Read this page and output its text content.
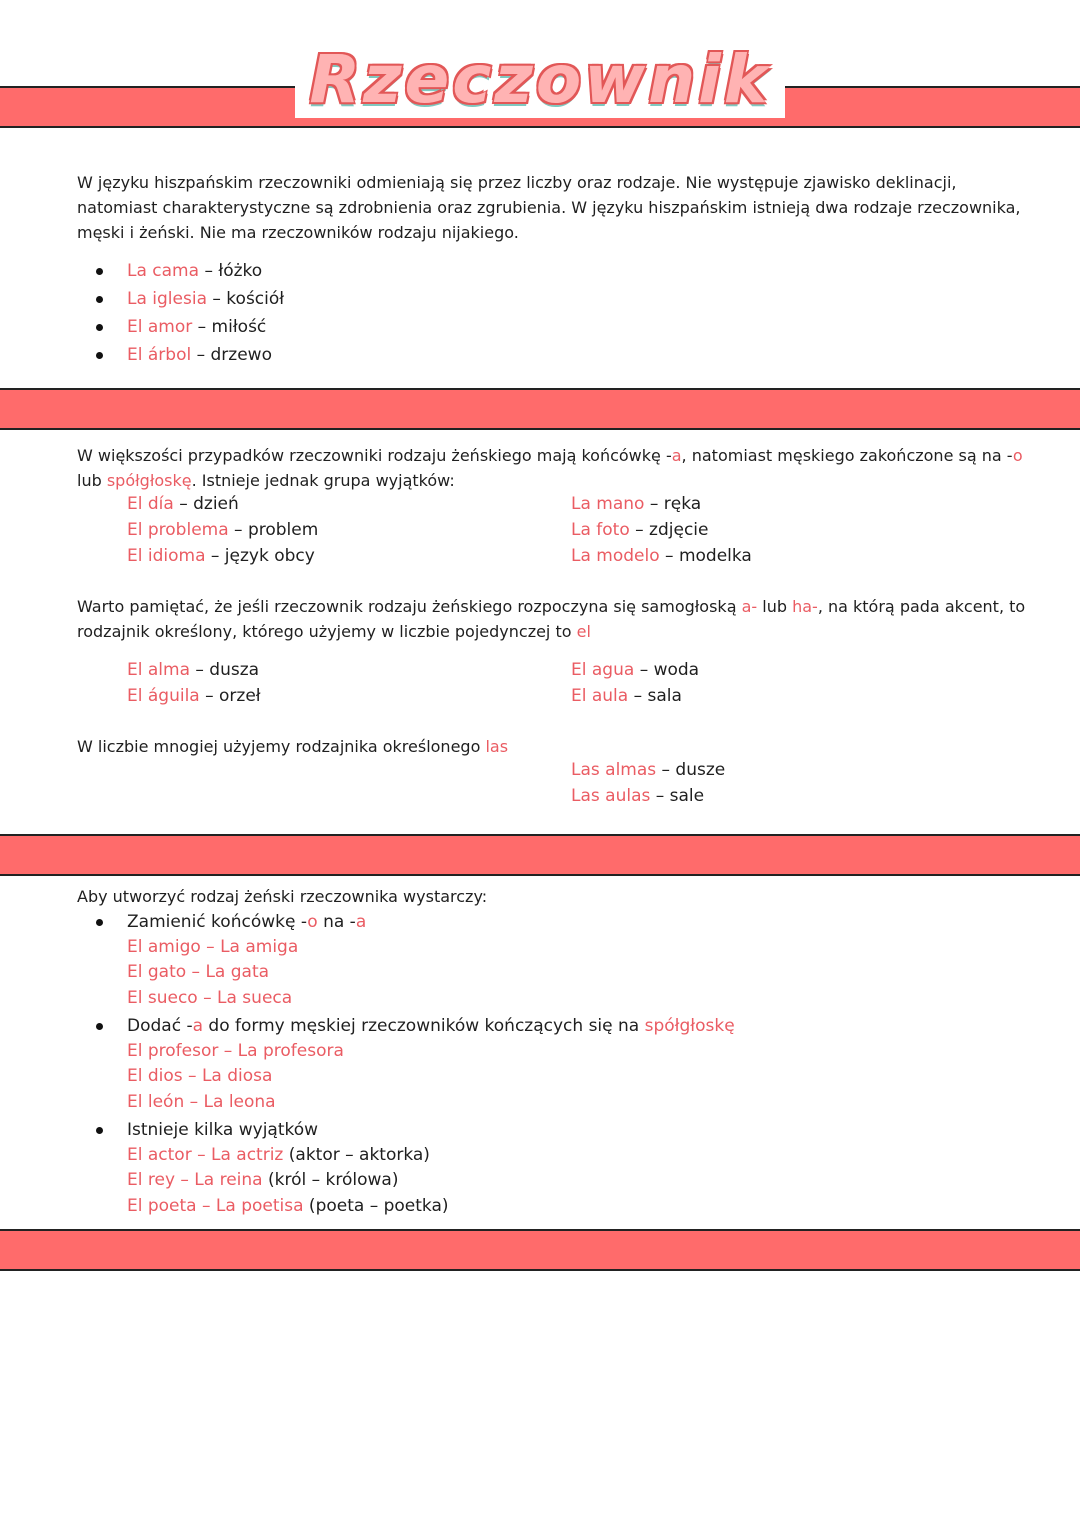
Rzeczownik
W języku hiszpańskim rzeczowniki odmieniają się przez liczby oraz rodzaje. Nie występuje zjawisko deklinacji, natomiast charakterystyczne są zdrobnienia oraz zgrubienia. W języku hiszpańskim istnieją dwa rodzaje rzeczownika, męski i żeński. Nie ma rzeczowników rodzaju nijakiego.
La cama – łóżko
La iglesia – kościół
El amor – miłość
El árbol – drzewo
W większości przypadków rzeczowniki rodzaju żeńskiego mają końcówkę -a, natomiast męskiego zakończone są na -o lub spółgłoskę. Istnieje jednak grupa wyjątków:
El día – dzień
El problema – problem
El idioma – język obcy
La mano – ręka
La foto – zdjęcie
La modelo – modelka
Warto pamiętać, że jeśli rzeczownik rodzaju żeńskiego rozpoczyna się samogłoską a- lub ha-, na którą pada akcent, to rodzajnik określony, którego użyjemy w liczbie pojedynczej to el
El alma – dusza
El águila – orzeł
El agua – woda
El aula – sala
W liczbie mnogiej użyjemy rodzajnika określonego las
Las almas – dusze
Las aulas – sale
Aby utworzyć rodzaj żeński rzeczownika wystarczy:
Zamienić końcówkę -o na -a
El amigo – La amiga
El gato – La gata
El sueco – La sueca
Dodać -a do formy męskiej rzeczowników kończących się na spółgłoskę
El profesor – La profesora
El dios – La diosa
El león – La leona
Istnieje kilka wyjątków
El actor – La actriz (aktor – aktorka)
El rey – La reina (król – królowa)
El poeta – La poetisa (poeta – poetka)
